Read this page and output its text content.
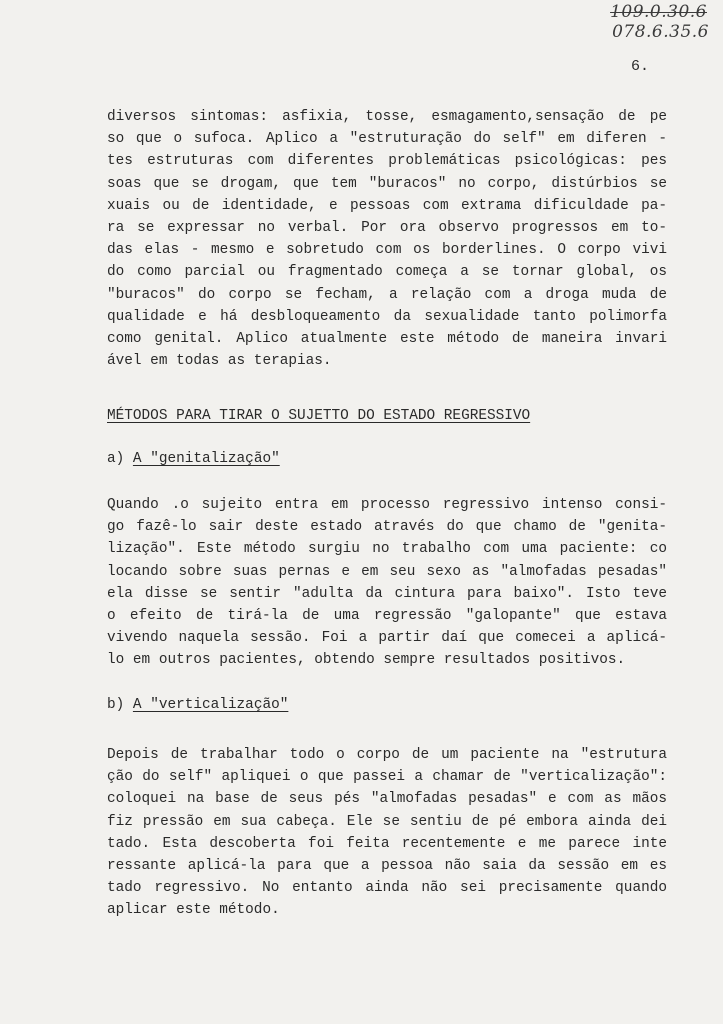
109.0.30.6
078.6.35.6
6.
diversos sintomas: asfixia, tosse, esmagamento,sensação de pe
so que o sufoca. Aplico a "estruturação do self" em diferen -
tes estruturas com diferentes problemáticas psicológicas: pes
soas que se drogam, que tem "buracos" no corpo, distúrbios se
xuais ou de identidade, e pessoas com extrama dificuldade pa-
ra se expressar no verbal. Por ora observo progressos em to-
das elas - mesmo e sobretudo com os borderlines. O corpo vivi
do como parcial ou fragmentado começa a se tornar global, os
"buracos" do corpo se fecham, a relação com a droga muda de
qualidade e há desbloqueamento da sexualidade tanto polimorfa
como genital. Aplico atualmente este método de maneira invari
ável em todas as terapias.
MÉTODOS PARA TIRAR O SUJETTO DO ESTADO REGRESSIVO
a) A "genitalização"
Quando .o sujeito entra em processo regressivo intenso consi-
go fazê-lo sair deste estado através do que chamo de "genita-
lização". Este método surgiu no trabalho com uma paciente: co
locando sobre suas pernas e em seu sexo as "almofadas pesadas"
ela disse se sentir "adulta da cintura para baixo". Isto teve
o efeito de tirá-la de uma regressão "galopante" que estava
vivendo naquela sessão. Foi a partir daí que comecei a aplicá-
lo em outros pacientes, obtendo sempre resultados positivos.
b) A "verticalização"
Depois de trabalhar todo o corpo de um paciente na "estrutura
ção do self" apliquei o que passei a chamar de "verticalização":
coloquei na base de seus pés "almofadas pesadas" e com as mãos
fiz pressão em sua cabeça. Ele se sentiu de pé embora ainda dei
tado. Esta descoberta foi feita recentemente e me parece inte
ressante aplicá-la para que a pessoa não saia da sessão em es
tado regressivo. No entanto ainda não sei precisamente quando
aplicar este método.
